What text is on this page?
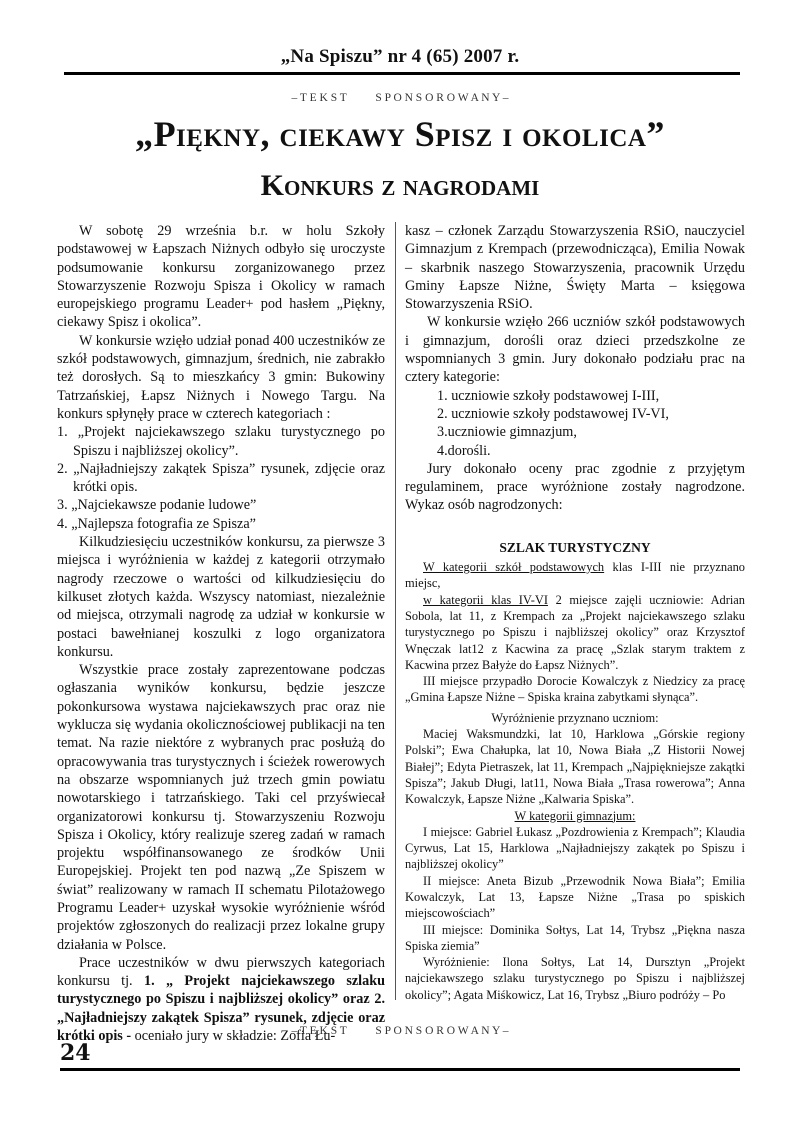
„Na Spiszu” nr 4 (65) 2007 r.
– T E K S T          S P O N S O R O W A N Y –
„Piękny, ciekawy Spisz i okolica”
Konkurs z nagrodami

W sobotę 29 września b.r. w holu Szkoły podstawowej w Łapszach Niżnych odbyło się uroczyste podsumowanie konkursu zorganizowanego przez Stowarzyszenie Rozwoju Spisza i Okolicy w ramach europejskiego programu Leader+ pod hasłem „Piękny, ciekawy Spisz i okolica”.

W konkursie wzięło udział ponad 400 uczestników ze szkół podstawowych, gimnazjum, średnich, nie zabrakło też dorosłych. Są to mieszkańcy 3 gmin: Bukowiny Tatrzańskiej, Łapsz Niżnych i Nowego Targu. Na konkurs spłynęły prace w czterech kategoriach :

1. „Projekt najciekawszego szlaku turystycznego po Spiszu i najbliższej okolicy”.
2. „Najładniejszy zakątek Spisza” rysunek, zdjęcie oraz krótki opis.
3. „Najciekawsze podanie ludowe”
4. „Najlepsza fotografia ze Spisza”

Kilkudziesięciu uczestników konkursu, za pierwsze 3 miejsca i wyróżnienia w każdej z kategorii otrzymało nagrody rzeczowe o wartości od kilkudziesięciu do kilkuset złotych każda. Wszyscy natomiast, niezależnie od miejsca, otrzymali nagrodę za udział w konkursie w postaci bawełnianej koszulki z logo organizatora konkursu.

Wszystkie prace zostały zaprezentowane podczas ogłaszania wyników konkursu, będzie jeszcze pokonkursowa wystawa najciekawszych prac oraz nie wyklucza się wydania okolicznościowej publikacji na ten temat. Na razie niektóre z wybranych prac posłużą do opracowywania tras turystycznych i ścieżek rowerowych na obszarze wspomnianych już trzech gmin powiatu nowotarskiego i tatrzańskiego. Taki cel przyświecał organizatorowi konkursu tj. Stowarzyszeniu Rozwoju Spisza i Okolicy, który realizuje szereg zadań w ramach projektu współfinansowanego ze środków Unii Europejskiej. Projekt ten pod nazwą „Ze Spiszem w świat” realizowany w ramach II schematu Pilotażowego Programu Leader+ uzyskał wysokie wyróżnienie wśród projektów zgłoszonych do realizacji przez lokalne grupy działania w Polsce.

Prace uczestników w dwu pierwszych kategoriach konkursu tj. 1. „ Projekt najciekawszego szlaku turystycznego po Spiszu i najbliższej okolicy” oraz 2. „Najładniejszy zakątek Spisza” rysunek, zdjęcie oraz krótki opis - oceniało jury w składzie: Zofia Łu-

kasz – członek Zarządu Stowarzyszenia RSiO, nauczyciel Gimnazjum z Krempach (przewodnicząca), Emilia Nowak – skarbnik naszego Stowarzyszenia, pracownik Urzędu Gminy Łapsze Niżne, Święty Marta – księgowa Stowarzyszenia RSiO.

W konkursie wzięło 266 uczniów szkół podstawowych i gimnazjum, dorośli oraz dzieci przedszkolne ze wspomnianych 3 gmin. Jury dokonało podziału prac na cztery kategorie:

1. uczniowie szkoły podstawowej I-III,
2. uczniowie szkoły podstawowej IV-VI,
3.uczniowie gimnazjum,
4.dorośli.

Jury dokonało oceny prac zgodnie z przyjętym regulaminem, prace wyróżnione zostały nagrodzone. Wykaz osób nagrodzonych:

SZLAK TURYSTYCZNY

W kategorii szkół podstawowych klas I-III nie przyznano miejsc,

w kategorii klas IV-VI 2 miejsce zajęli uczniowie: Adrian Sobola, lat 11, z Krempach za „Projekt najciekawszego szlaku turystycznego po Spiszu i najbliższej okolicy” oraz Krzysztof Wnęczak lat12 z Kacwina za pracę „Szlak starym traktem z Kacwina przez Bałyże do Łapsz Niżnych”.

III miejsce przypadło Dorocie Kowalczyk z Niedzicy za pracę „Gmina Łapsze Niżne – Spiska kraina zabytkami słynąca”.

Wyróżnienie przyznano uczniom:

Maciej Waksmundzki, lat 10, Harklowa „Górskie regiony Polski”; Ewa Chałupka, lat 10, Nowa Biała „Z Historii Nowej Białej”; Edyta Pietraszek, lat 11, Krempach „Najpiękniejsze zakątki Spisza”; Jakub Długi, lat11, Nowa Biała „Trasa rowerowa”; Anna Kowalczyk, Łapsze Niżne „Kalwaria Spiska”.

W kategorii gimnazjum:

I miejsce: Gabriel Łukasz „Pozdrowienia z Krempach”; Klaudia Cyrwus, Lat 15, Harklowa „Najładniejszy zakątek po Spiszu i najbliższej okolicy”

II miejsce: Aneta Bizub „Przewodnik Nowa Biała”; Emilia Kowalczyk, Lat 13, Łapsze Niżne „Trasa po spiskich miejscowościach”

III miejsce: Dominika Sołtys, Lat 14, Trybsz „Piękna nasza Spiska ziemia”

Wyróżnienie: Ilona Sołtys, Lat 14, Dursztyn „Projekt najciekawszego szlaku turystycznego po Spiszu i najbliższej okolicy”; Agata Miśkowicz, Lat 16, Trybsz „Biuro podróży – Po

– T E K S T          S P O N S O R O W A N Y –
24
